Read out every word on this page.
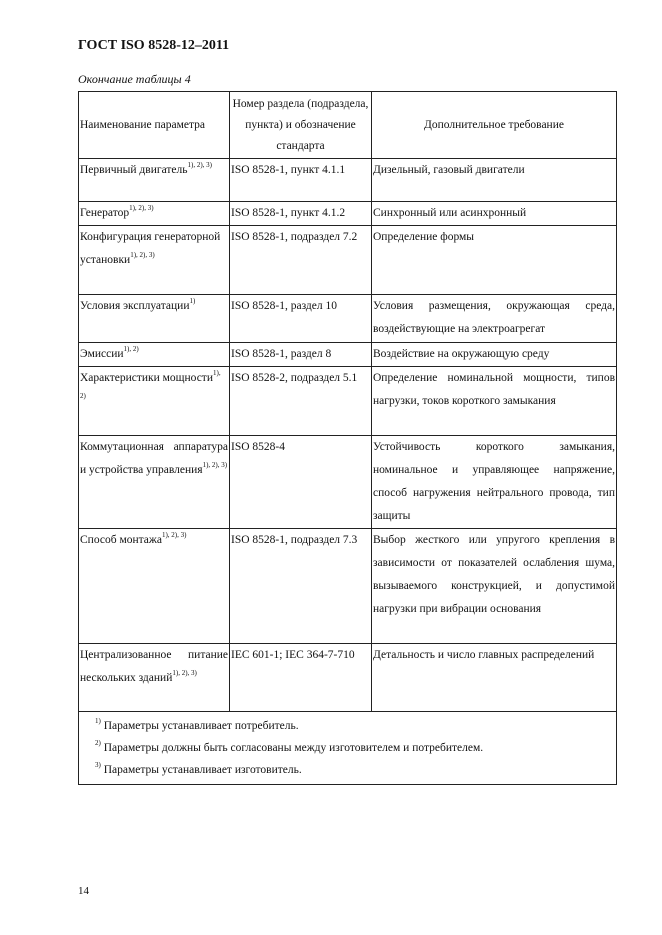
ГОСТ ISO 8528-12–2011
Окончание таблицы 4
Наименование параметра	Номер раздела (подраздела, пункта) и обозначение стандарта	Дополнительное требование
Первичный двигатель$^{1), 2), 3)}$	ISO 8528-1, пункт 4.1.1	Дизельный, газовый двигатели
Генератор$^{1), 2), 3)}$	ISO 8528-1, пункт 4.1.2	Синхронный или асинхронный
Конфигурация генераторной установки$^{1), 2), 3)}$	ISO 8528-1, подраздел 7.2	Определение формы
Условия эксплуатации$^{1)}$	ISO 8528-1, раздел 10	Условия размещения, окружающая среда, воздействующие на электроагрегат
Эмиссии$^{1), 2)}$	ISO 8528-1, раздел 8	Воздействие на окружающую среду
Характеристики мощности$^{1), 2)}$	ISO 8528-2, подраздел 5.1	Определение номинальной мощности, типов нагрузки, токов короткого замыкания
Коммутационная аппаратура и устройства управления$^{1), 2), 3)}$	ISO 8528-4	Устойчивость короткого замыкания, номинальное и управляющее напряжение, способ нагружения нейтрального провода, тип защиты
Способ монтажа$^{1), 2), 3)}$	ISO 8528-1, подраздел 7.3	Выбор жесткого или упругого крепления в зависимости от показателей ослабления шума, вызываемого конструкцией, и допустимой нагрузки при вибрации основания
Централизованное питание нескольких зданий$^{1), 2), 3)}$	IEC 601-1; IEC 364-7-710	Детальность и число главных распределений

$^{1)}$ Параметры устанавливает потребитель.
$^{2)}$ Параметры должны быть согласованы между изготовителем и потребителем.
$^{3)}$ Параметры устанавливает изготовитель.		
14
